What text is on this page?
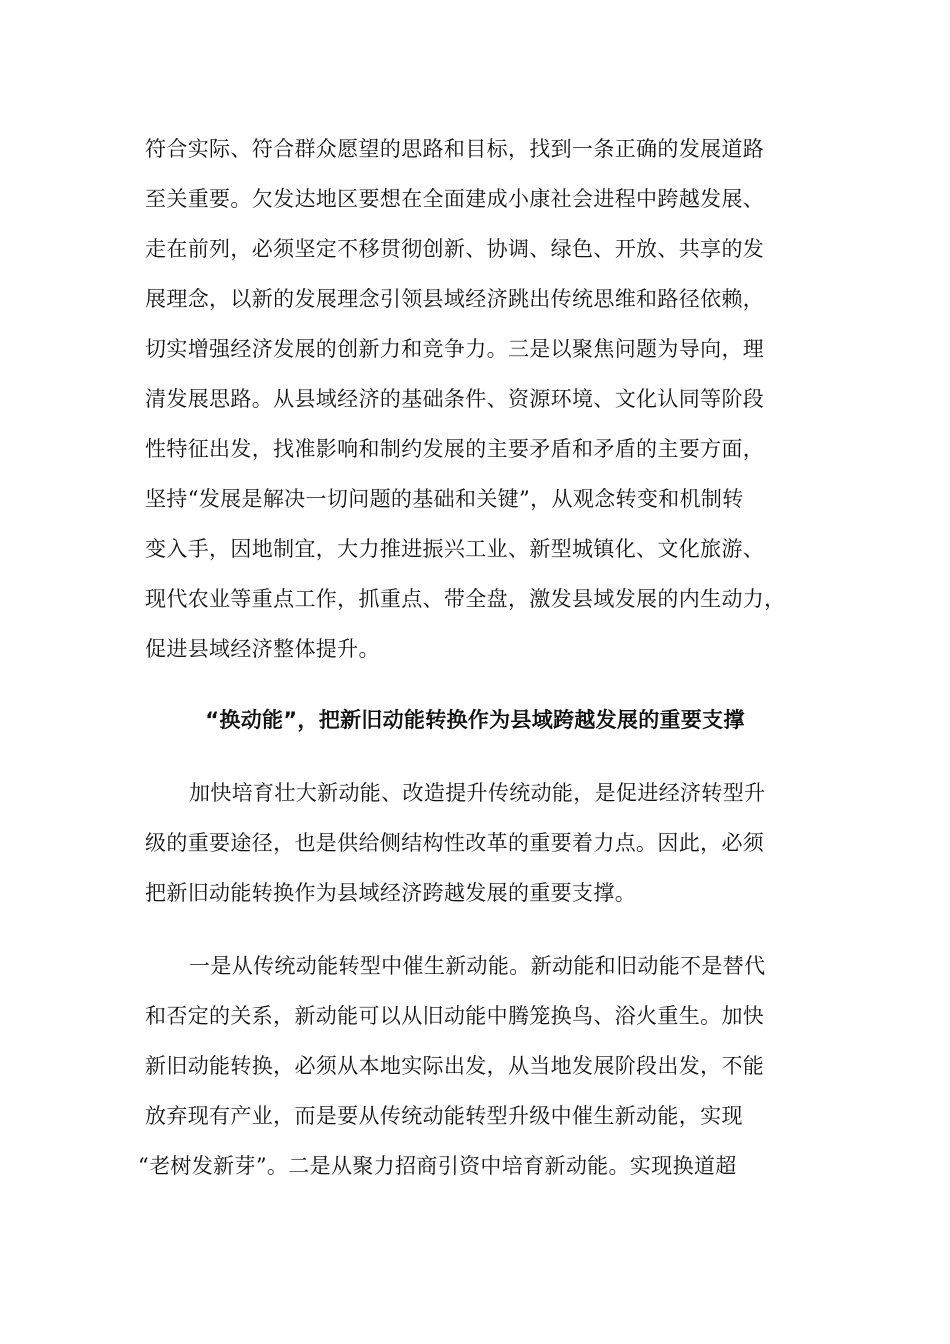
符合实际、符合群众愿望的思路和目标，找到一条正确的发展道路
至关重要。欠发达地区要想在全面建成小康社会进程中跨越发展、
走在前列，必须坚定不移贯彻创新、协调、绿色、开放、共享的发
展理念，以新的发展理念引领县域经济跳出传统思维和路径依赖，
切实增强经济发展的创新力和竞争力。三是以聚焦问题为导向，理
清发展思路。从县域经济的基础条件、资源环境、文化认同等阶段
性特征出发，找准影响和制约发展的主要矛盾和矛盾的主要方面，
坚持“发展是解决一切问题的基础和关键”，从观念转变和机制转
变入手，因地制宜，大力推进振兴工业、新型城镇化、文化旅游、
现代农业等重点工作，抓重点、带全盘，激发县域发展的内生动力，
促进县域经济整体提升。
“换动能”，把新旧动能转换作为县域跨越发展的重要支撑
加快培育壮大新动能、改造提升传统动能，是促进经济转型升
级的重要途径，也是供给侧结构性改革的重要着力点。因此，必须
把新旧动能转换作为县域经济跨越发展的重要支撑。
一是从传统动能转型中催生新动能。新动能和旧动能不是替代
和否定的关系，新动能可以从旧动能中腾笼换鸟、浴火重生。加快
新旧动能转换，必须从本地实际出发，从当地发展阶段出发，不能
放弃现有产业，而是要从传统动能转型升级中催生新动能，实现
“老树发新芽”。二是从聚力招商引资中培育新动能。实现换道超
